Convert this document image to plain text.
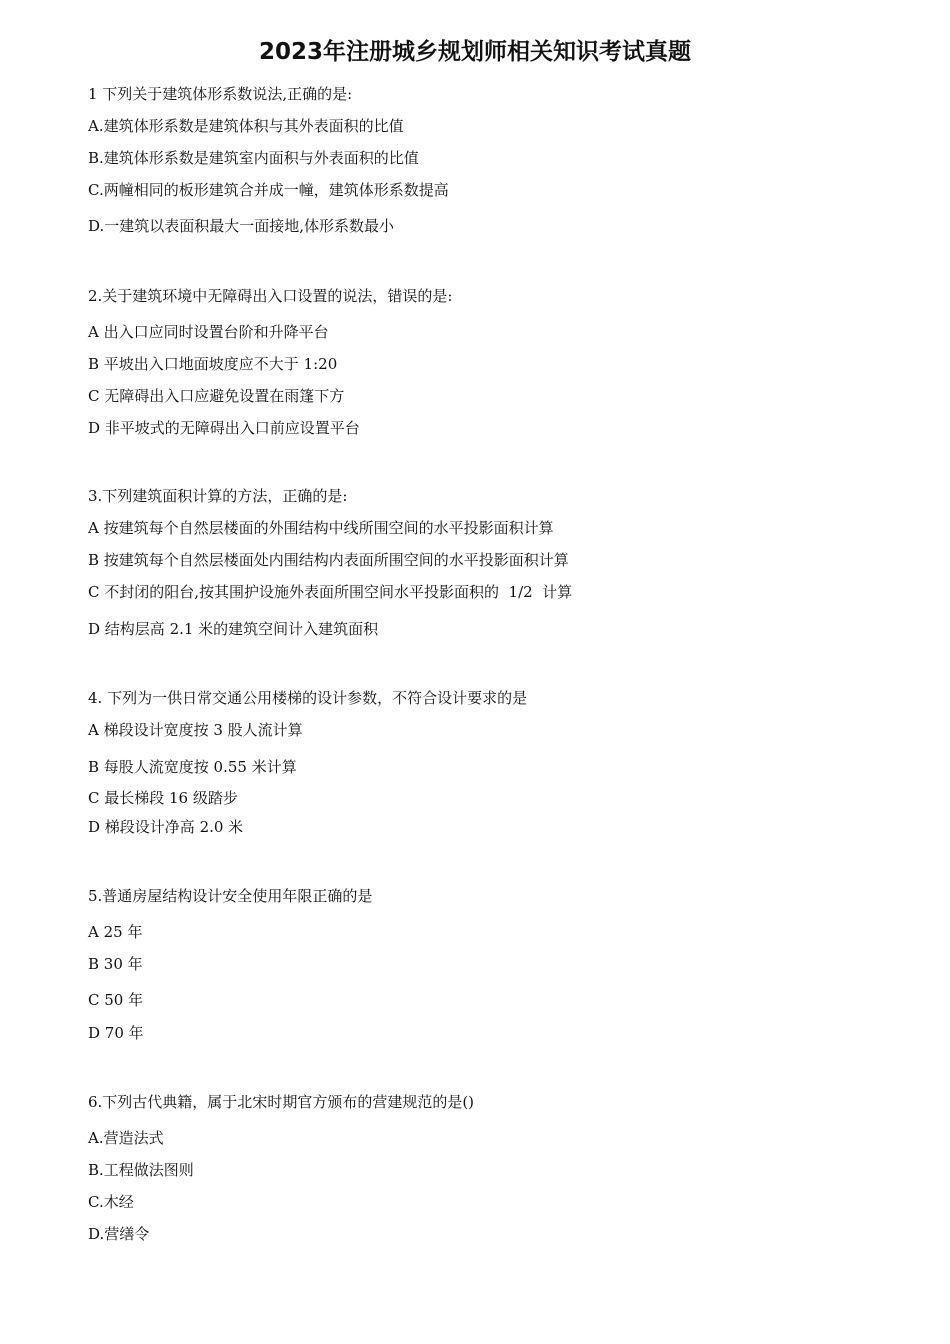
2023年注册城乡规划师相关知识考试真题
1 下列关于建筑体形系数说法,正确的是:
A.建筑体形系数是建筑体积与其外表面积的比值
B.建筑体形系数是建筑室内面积与外表面积的比值
C.两幢相同的板形建筑合并成一幢，建筑体形系数提高
D.一建筑以表面积最大一面接地,体形系数最小
2.关于建筑环境中无障碍出入口设置的说法，错误的是:
A 出入口应同时设置台阶和升降平台
B 平坡出入口地面坡度应不大于 1:20
C 无障碍出入口应避免设置在雨篷下方
D 非平坡式的无障碍出入口前应设置平台
3.下列建筑面积计算的方法，正确的是:
A 按建筑每个自然层楼面的外围结构中线所围空间的水平投影面积计算
B 按建筑每个自然层楼面处内围结构内表面所围空间的水平投影面积计算
C 不封闭的阳台,按其围护设施外表面所围空间水平投影面积的  1/2  计算
D 结构层高 2.1 米的建筑空间计入建筑面积
4. 下列为一供日常交通公用楼梯的设计参数，不符合设计要求的是
A 梯段设计宽度按 3 股人流计算
B 每股人流宽度按 0.55 米计算
C 最长梯段 16 级踏步
D 梯段设计净高 2.0 米
5.普通房屋结构设计安全使用年限正确的是
A 25 年
B 30 年
C 50 年
D 70 年
6.下列古代典籍，属于北宋时期官方颁布的营建规范的是()
A.营造法式
B.工程做法图则
C.木经
D.营缮令
